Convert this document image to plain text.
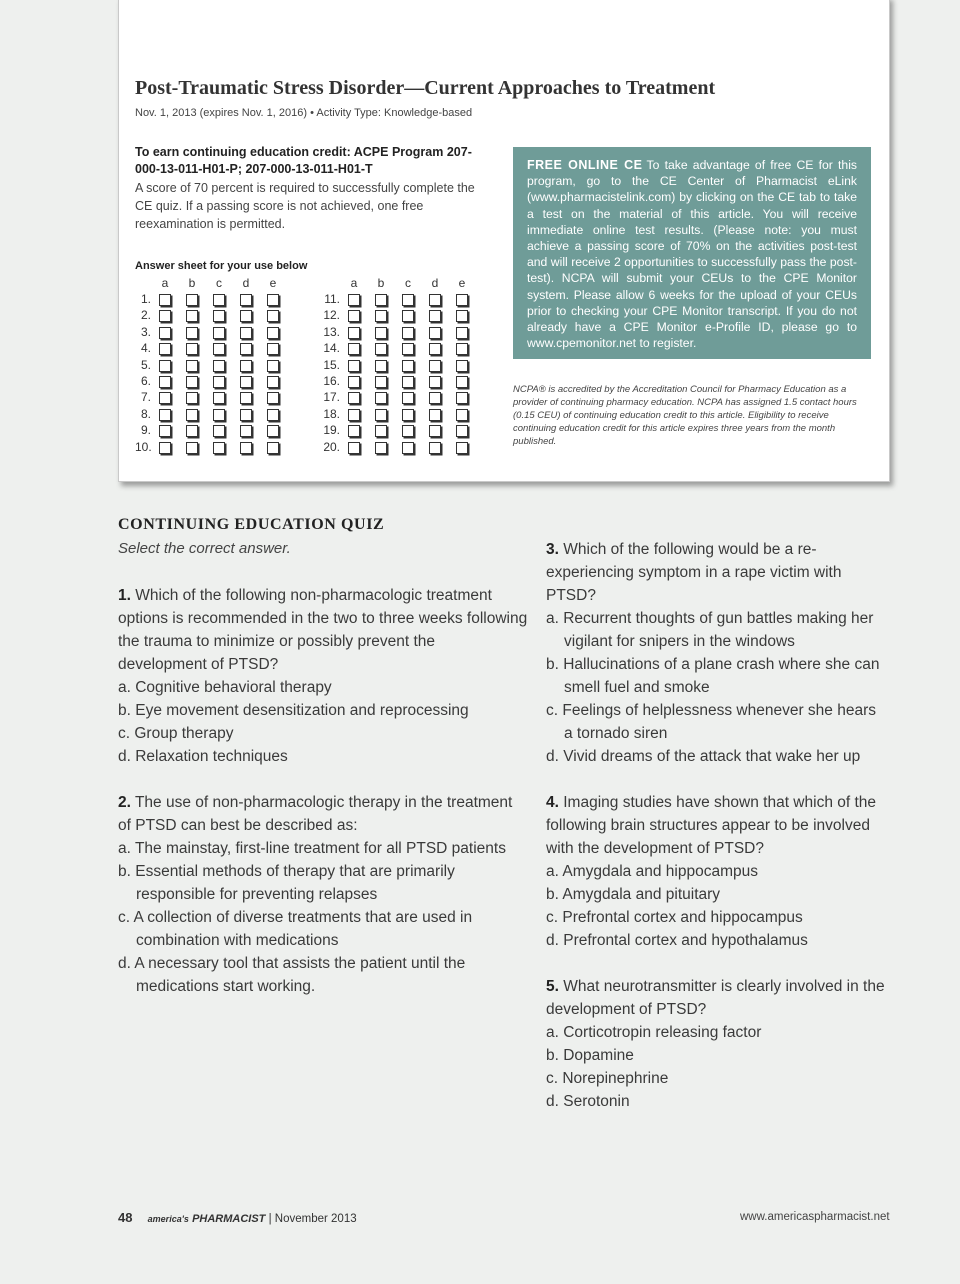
Post-Traumatic Stress Disorder—Current Approaches to Treatment
Nov. 1, 2013 (expires Nov. 1, 2016) • Activity Type: Knowledge-based
To earn continuing education credit: ACPE Program 207-000-13-011-H01-P; 207-000-13-011-H01-T
A score of 70 percent is required to successfully complete the CE quiz. If a passing score is not achieved, one free reexamination is permitted.
Answer sheet for your use below
a	b	c	d	e
1.
2.
3.
4.
5.
6.
7.
8.
9.
10.
a	b	c	d	e
11.
12.
13.
14.
15.
16.
17.
18.
19.
20.
FREE ONLINE CE To take advantage of free CE for this program, go to the CE Center of Pharmacist eLink (www.pharmacistelink.com) by clicking on the CE tab to take a test on the material of this article. You will receive immediate online test results. (Please note: you must achieve a passing score of 70% on the activities post-test and will receive 2 opportunities to successfully pass the post-test). NCPA will submit your CEUs to the CPE Monitor system. Please allow 6 weeks for the upload of your CEUs prior to checking your CPE Monitor transcript. If you do not already have a CPE Monitor e-Profile ID, please go to www.cpemonitor.net to register.
NCPA® is accredited by the Accreditation Council for Pharmacy Education as a provider of continuing pharmacy education. NCPA has assigned 1.5 contact hours (0.15 CEU) of continuing education credit to this article. Eligibility to receive continuing education credit for this article expires three years from the month published.
CONTINUING EDUCATION QUIZ
Select the correct answer.

1. Which of the following non-pharmacologic treatment options is recommended in the two to three weeks following the trauma to minimize or possibly prevent the development of PTSD?

a. Cognitive behavioral therapy

b. Eye movement desensitization and reprocessing

c. Group therapy

d. Relaxation techniques

2. The use of non-pharmacologic therapy in the treatment of PTSD can best be described as:

a. The mainstay, first-line treatment for all PTSD patients

b. Essential methods of therapy that are primarily responsible for preventing relapses

c. A collection of diverse treatments that are used in combination with medications

d. A necessary tool that assists the patient until the medications start working.

3. Which of the following would be a re-experiencing symptom in a rape victim with PTSD?

a. Recurrent thoughts of gun battles making her vigilant for snipers in the windows

b. Hallucinations of a plane crash where she can smell fuel and smoke

c. Feelings of helplessness whenever she hears a tornado siren

d. Vivid dreams of the attack that wake her up

4. Imaging studies have shown that which of the following brain structures appear to be involved with the development of PTSD?

a. Amygdala and hippocampus

b. Amygdala and pituitary

c. Prefrontal cortex and hippocampus

d. Prefrontal cortex and hypothalamus

5. What neurotransmitter is clearly involved in the development of PTSD?

a. Corticotropin releasing factor

b. Dopamine

c. Norepinephrine

d. Serotonin

48 america's PHARMACIST | November 2013	www.americaspharmacist.net
